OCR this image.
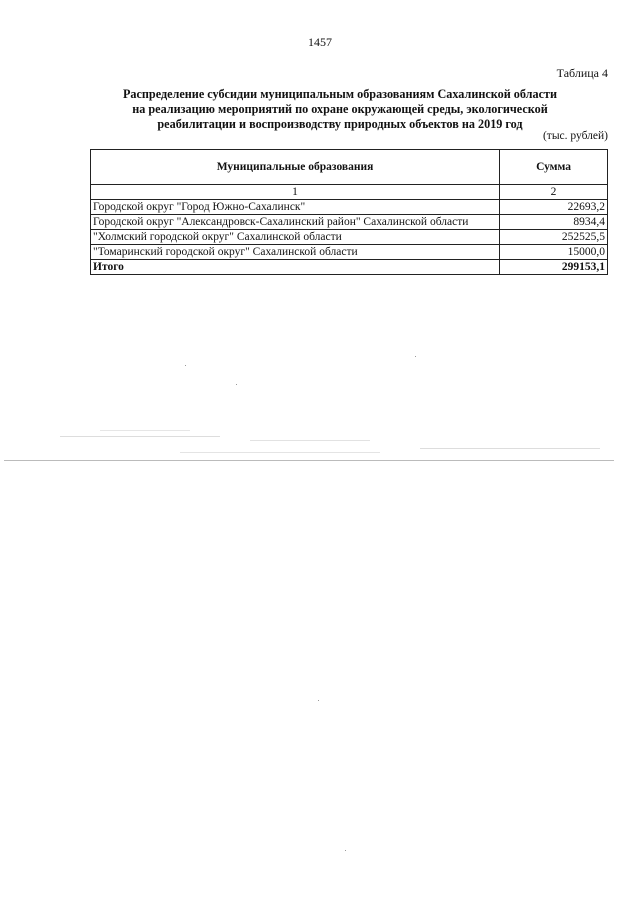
1457
Таблица 4
Распределение субсидии муниципальным образованиям Сахалинской области
на реализацию мероприятий по охране окружающей среды, экологической
реабилитации и воспроизводству природных объектов на 2019 год
(тыс. рублей)
Муниципальные образования	Сумма
1	2
Городской округ "Город Южно-Сахалинск"	22693,2
Городской округ "Александровск-Сахалинский район" Сахалинской области	8934,4
"Холмский городской округ" Сахалинской области	252525,5
"Томаринский городской округ" Сахалинской области	15000,0
Итого	299153,1
